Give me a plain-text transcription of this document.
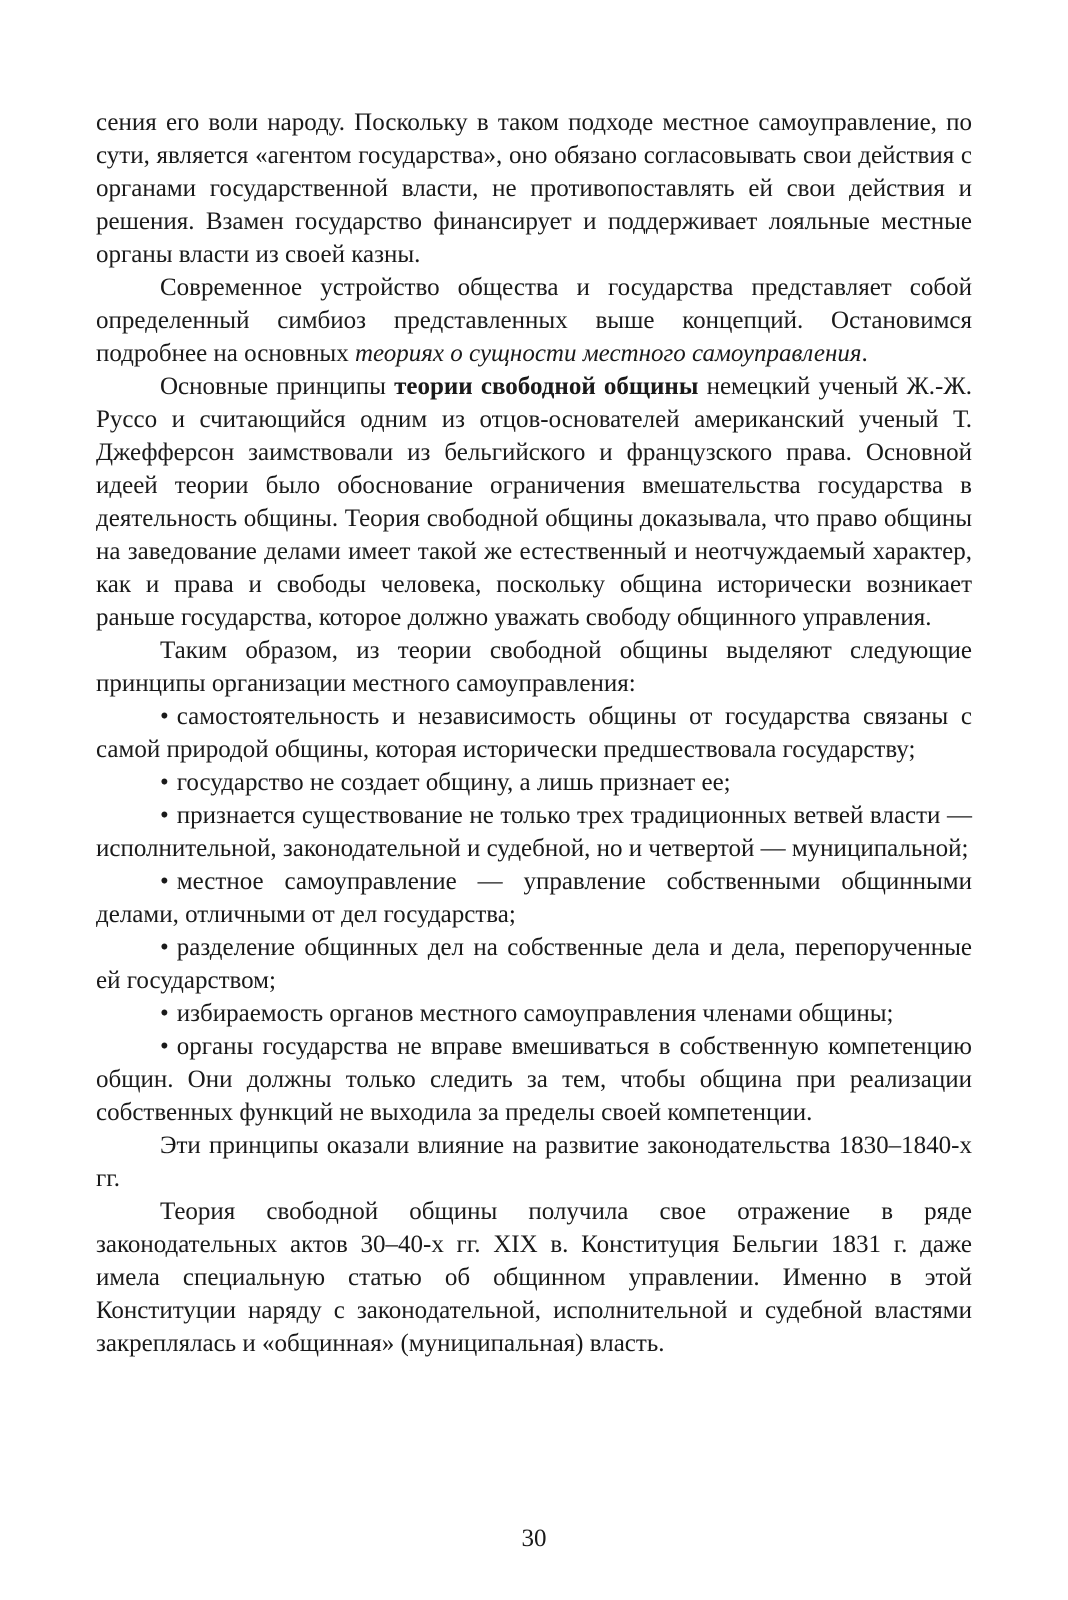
сения его воли народу. Поскольку в таком подходе местное самоуправление, по сути, является «агентом государства», оно обязано согласовывать свои действия с органами государственной власти, не противопоставлять ей свои действия и решения. Взамен государство финансирует и поддерживает лояльные местные органы власти из своей казны.

Современное устройство общества и государства представляет собой определенный симбиоз представленных выше концепций. Остановимся подробнее на основных теориях о сущности местного самоуправления.

Основные принципы теории свободной общины немецкий ученый Ж.-Ж. Руссо и считающийся одним из отцов-основателей американский ученый Т. Джефферсон заимствовали из бельгийского и французского права. Основной идеей теории было обоснование ограничения вмешательства государства в деятельность общины. Теория свободной общины доказывала, что право общины на заведование делами имеет такой же естественный и неотчуждаемый характер, как и права и свободы человека, поскольку община исторически возникает раньше государства, которое должно уважать свободу общинного управления.

Таким образом, из теории свободной общины выделяют следующие принципы организации местного самоуправления:

• самостоятельность и независимость общины от государства связаны с самой природой общины, которая исторически предшествовала государству;

• государство не создает общину, а лишь признает ее;

• признается существование не только трех традиционных ветвей власти — исполнительной, законодательной и судебной, но и четвертой — муниципальной;

• местное самоуправление — управление собственными общинными делами, отличными от дел государства;

• разделение общинных дел на собственные дела и дела, перепорученные ей государством;

• избираемость органов местного самоуправления членами общины;

• органы государства не вправе вмешиваться в собственную компетенцию общин. Они должны только следить за тем, чтобы община при реализации собственных функций не выходила за пределы своей компетенции.

Эти принципы оказали влияние на развитие законодательства 1830–1840-х гг.

Теория свободной общины получила свое отражение в ряде законодательных актов 30–40-х гг. XIX в. Конституция Бельгии 1831 г. даже имела специальную статью об общинном управлении. Именно в этой Конституции наряду с законодательной, исполнительной и судебной властями закреплялась и «общинная» (муниципальная) власть.

30
